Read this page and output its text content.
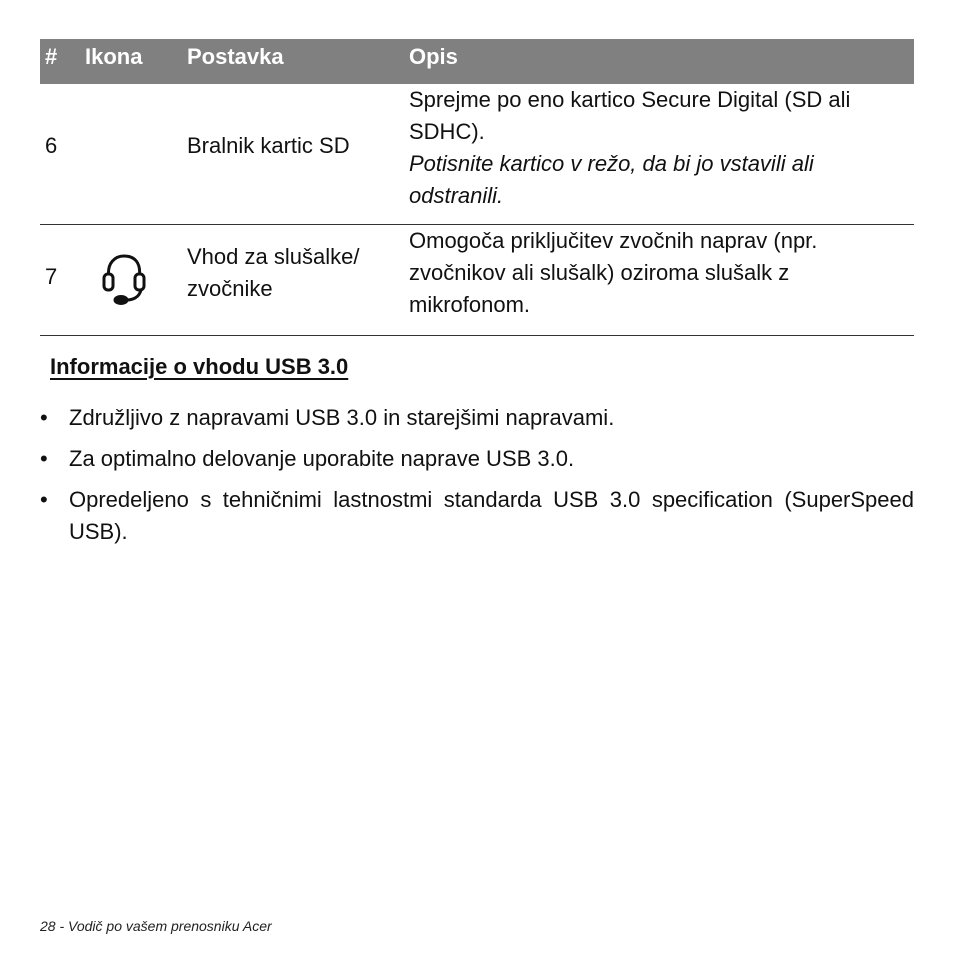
# Ikona Postavka	Opis
6	Bralnik kartic SD
Sprejme po eno kartico Secure Digital (SD ali SDHC).
Potisnite kartico v režo, da bi jo vstavili ali odstranili.
7
Vhod za slušalke/ zvočnike
Omogoča priključitev zvočnih naprav (npr. zvočnikov ali slušalk) oziroma slušalk z mikrofonom.
Informacije o vhodu USB 3.0
• Združljivo z napravami USB 3.0 in starejšimi napravami.
• Za optimalno delovanje uporabite naprave USB 3.0.
• Opredeljeno s tehničnimi lastnostmi standarda USB 3.0 specification (SuperSpeed USB).
28 - Vodič po vašem prenosniku Acer
